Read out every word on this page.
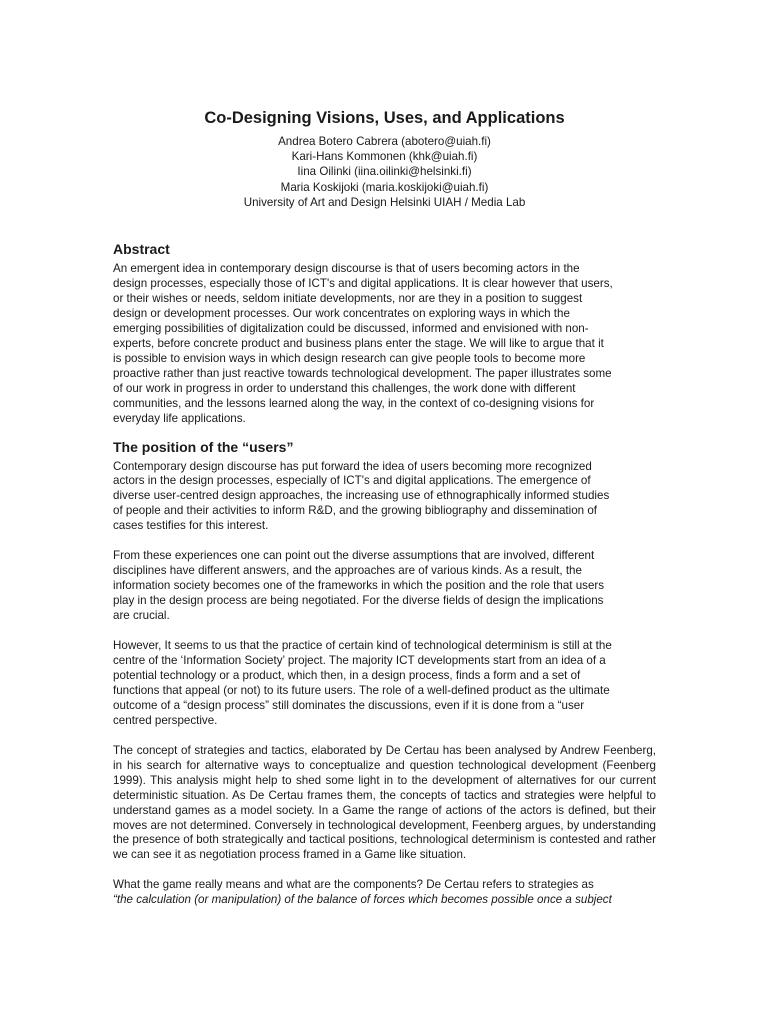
Co-Designing Visions, Uses, and Applications
Andrea Botero Cabrera (abotero@uiah.fi)
Kari-Hans Kommonen (khk@uiah.fi)
Iina Oilinki (iina.oilinki@helsinki.fi)
Maria Koskijoki (maria.koskijoki@uiah.fi)
University of Art and Design Helsinki UIAH / Media Lab
Abstract

An emergent idea in contemporary design discourse is that of users becoming actors in the
design processes, especially those of ICT's and digital applications. It is clear however that users,
or their wishes or needs, seldom initiate developments, nor are they in a position to suggest
design or development processes. Our work concentrates on exploring ways in which the
emerging possibilities of digitalization could be discussed, informed and envisioned with non-
experts, before concrete product and business plans enter the stage. We will like to argue that it
is possible to envision ways in which design research can give people tools to become more
proactive rather than just reactive towards technological development. The paper illustrates some
of our work in progress in order to understand this challenges, the work done with different
communities, and the lessons learned along the way, in the context of co-designing visions for
everyday life applications.

The position of the “users”

Contemporary design discourse has put forward the idea of users becoming more recognized
actors in the design processes, especially of ICT's and digital applications. The emergence of
diverse user-centred design approaches, the increasing use of ethnographically informed studies
of people and their activities to inform R&D, and the growing bibliography and dissemination of
cases testifies for this interest.

From these experiences one can point out the diverse assumptions that are involved, different
disciplines have different answers, and the approaches are of various kinds. As a result, the
information society becomes one of the frameworks in which the position and the role that users
play in the design process are being negotiated. For the diverse fields of design the implications
are crucial.

However, It seems to us that the practice of certain kind of technological determinism is still at the
centre of the ‘Information Society’ project. The majority ICT developments start from an idea of a
potential technology or a product, which then, in a design process, finds a form and a set of
functions that appeal (or not) to its future users. The role of a well-defined product as the ultimate
outcome of a “design process” still dominates the discussions, even if it is done from a “user
centred perspective.

The concept of strategies and tactics, elaborated by De Certau has been analysed by Andrew Feenberg, in his search for alternative ways to conceptualize and question technological development (Feenberg 1999). This analysis might help to shed some light in to the development of alternatives for our current deterministic situation. As De Certau frames them, the concepts of tactics and strategies were helpful to understand games as a model society. In a Game the range of actions of the actors is defined, but their moves are not determined. Conversely in technological development, Feenberg argues, by understanding the presence of both strategically and tactical positions, technological determinism is contested and rather we can see it as negotiation process framed in a Game like situation.

What the game really means and what are the components? De Certau refers to strategies as
“the calculation (or manipulation) of the balance of forces which becomes possible once a subject
